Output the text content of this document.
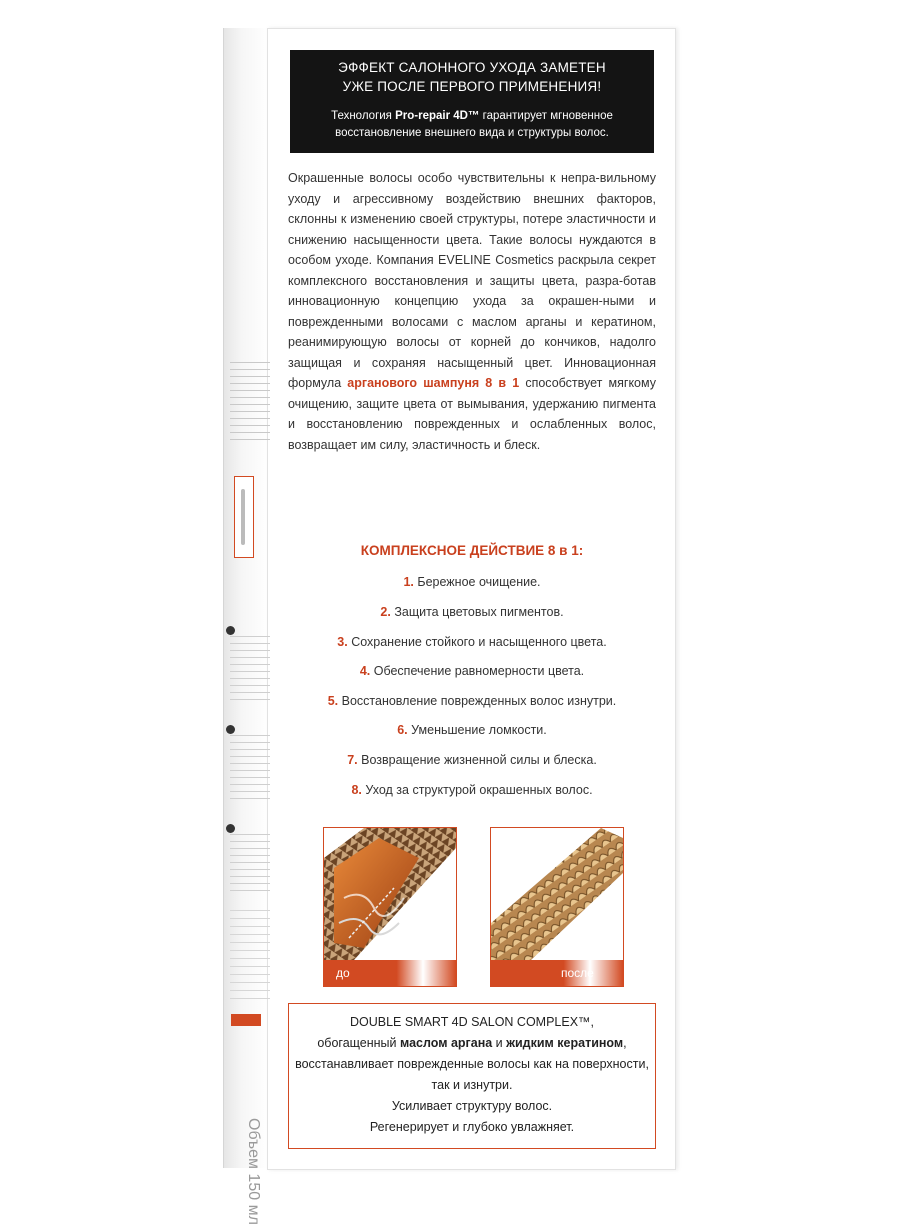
Объем 150 мл
ЭФФЕКТ САЛОННОГО УХОДА ЗАМЕТЕН
УЖЕ ПОСЛЕ ПЕРВОГО ПРИМЕНЕНИЯ!
Технология Pro-repair 4D™ гарантирует мгновенное восстановление внешнего вида и структуры волос.
Окрашенные волосы особо чувствительны к непра-вильному уходу и агрессивному воздействию внешних факторов, склонны к изменению своей структуры, потере эластичности и снижению насыщенности цвета. Такие волосы нуждаются в особом уходе. Компания EVELINE Cosmetics раскрыла секрет комплексного восстановления и защиты цвета, разра-ботав инновационную концепцию ухода за окрашен-ными и поврежденными волосами с маслом арганы и кератином, реанимирующую волосы от корней до кончиков, надолго защищая и сохраняя насыщенный цвет. Инновационная формула арганового шампуня 8 в 1 способствует мягкому очищению, защите цвета от вымывания, удержанию пигмента и восстановлению поврежденных и ослабленных волос, возвращает им силу, эластичность и блеск.
КОМПЛЕКСНОЕ ДЕЙСТВИЕ 8 в 1:
1. Бережное очищение.
2. Защита цветовых пигментов.
3. Сохранение стойкого и насыщенного цвета.
4. Обеспечение равномерности цвета.
5. Восстановление поврежденных волос изнутри.
6. Уменьшение ломкости.
7. Возвращение жизненной силы и блеска.
8. Уход за структурой окрашенных волос.
до	после
DOUBLE SMART 4D SALON COMPLEX™,
обогащенный маслом аргана и жидким кератином, восстанавливает поврежденные волосы как на поверхности, так и изнутри.
Усиливает структуру волос.
Регенерирует и глубоко увлажняет.
